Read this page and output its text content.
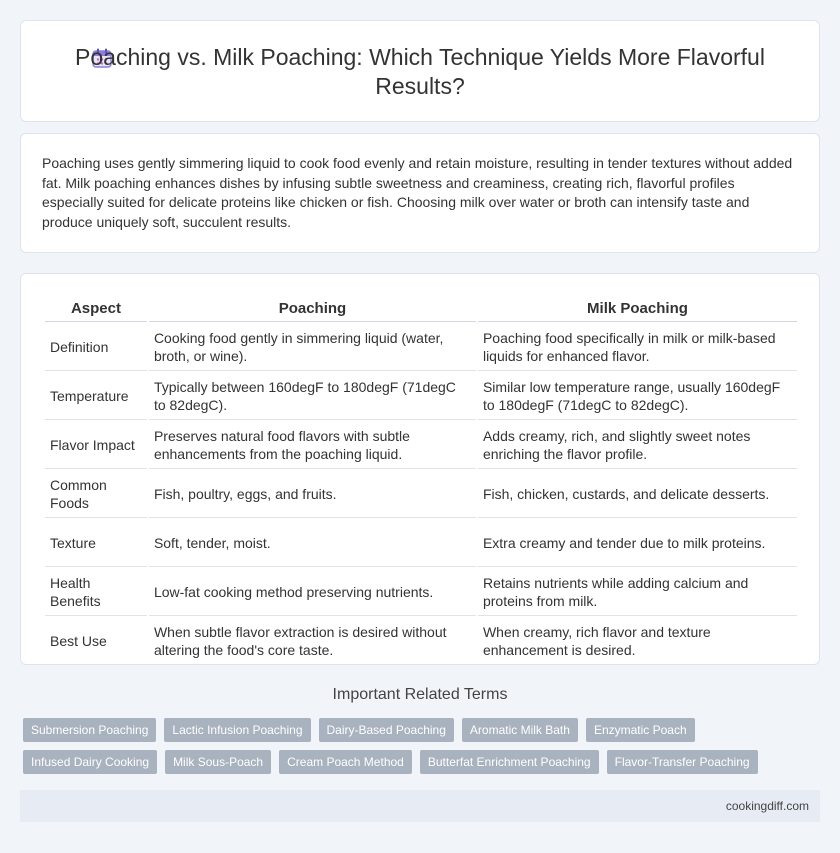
Poaching vs. Milk Poaching: Which Technique Yields More Flavorful Results?

Poaching uses gently simmering liquid to cook food evenly and retain moisture, resulting in tender textures without added fat. Milk poaching enhances dishes by infusing subtle sweetness and creaminess, creating rich, flavorful profiles especially suited for delicate proteins like chicken or fish. Choosing milk over water or broth can intensify taste and produce uniquely soft, succulent results.

Aspect	Poaching	Milk Poaching
Definition	Cooking food gently in simmering liquid (water, broth, or wine).	Poaching food specifically in milk or milk-based liquids for enhanced flavor.
Temperature	Typically between 160degF to 180degF (71degC to 82degC).	Similar low temperature range, usually 160degF to 180degF (71degC to 82degC).
Flavor Impact	Preserves natural food flavors with subtle enhancements from the poaching liquid.	Adds creamy, rich, and slightly sweet notes enriching the flavor profile.
Common Foods	Fish, poultry, eggs, and fruits.	Fish, chicken, custards, and delicate desserts.
Texture	Soft, tender, moist.	Extra creamy and tender due to milk proteins.
Health Benefits	Low-fat cooking method preserving nutrients.	Retains nutrients while adding calcium and proteins from milk.
Best Use	When subtle flavor extraction is desired without altering the food's core taste.	When creamy, rich flavor and texture enhancement is desired.
Important Related Terms
Submersion Poaching	Lactic Infusion Poaching	Dairy-Based Poaching	Aromatic Milk Bath	Enzymatic Poach
Infused Dairy Cooking	Milk Sous-Poach	Cream Poach Method	Butterfat Enrichment Poaching	Flavor-Transfer Poaching
cookingdiff.com
